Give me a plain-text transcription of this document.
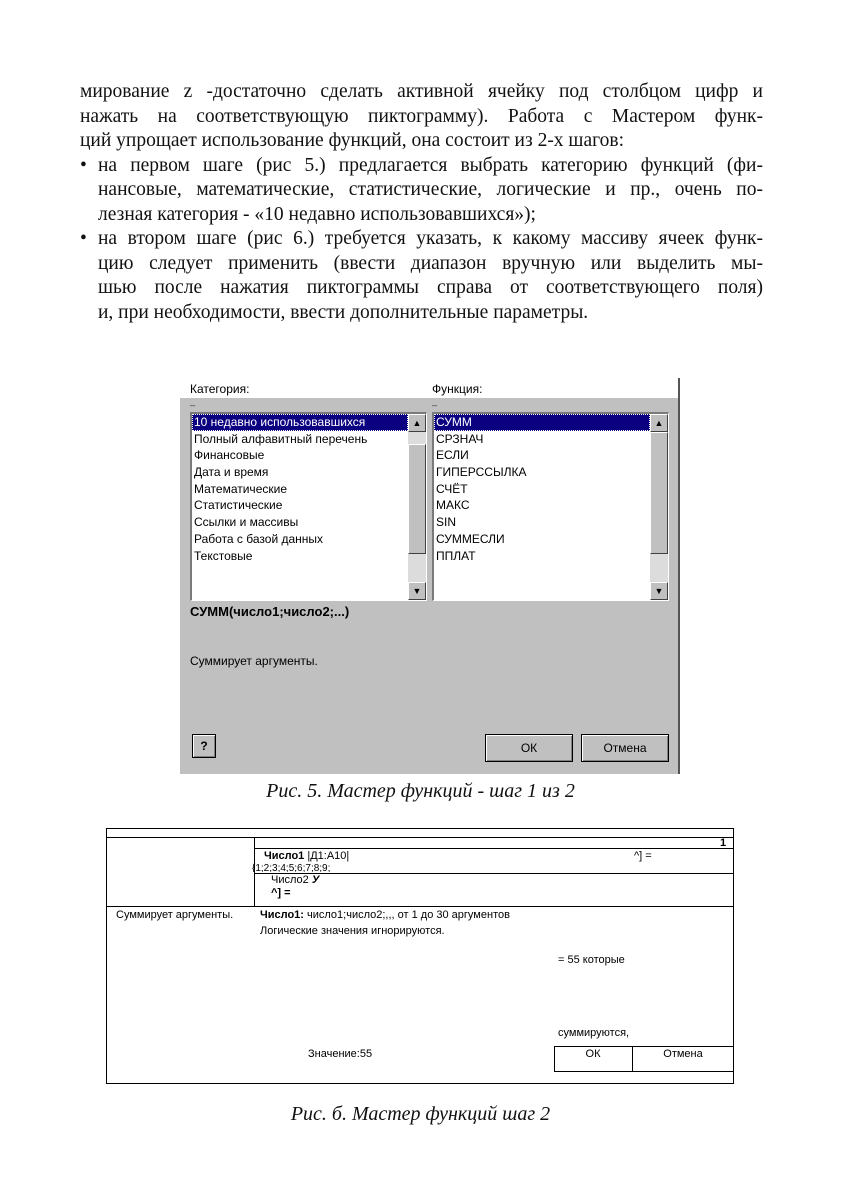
мирование z -достаточно сделать активной ячейку под столбцом цифр и

нажать на соответствующую пиктограмму). Работа с Мастером функ-

ций упрощает использование функций, она состоит из 2-х шагов:

• на первом шаге (рис 5.) предлагается выбрать категорию функций (фи-

нансовые, математические, статистические, логические и пр., очень по-

лезная категория - «10 недавно использовавшихся»);

• на втором шаге (рис 6.) требуется указать, к какому массиву ячеек функ-

цию следует применить (ввести диапазон вручную или выделить мы-

шью после нажатия пиктограммы справа от соответствующего поля)

и, при необходимости, ввести дополнительные параметры.

Категория:	Функция:
_	_
10 недавно использовавшихся
Полный алфавитный перечень
Финансовые
Дата и время
Математические
Статистические
Ссылки и массивы
Работа с базой данных
Текстовые
▲
▼
СУММ
СРЗНАЧ
ЕСЛИ
ГИПЕРССЫЛКА
СЧЁТ
МАКС
SIN
СУММЕСЛИ
ППЛАТ
▲
▼
СУММ(число1;число2;...)
Суммирует аргументы.
?	ОК	Отмена
Рис. 5. Мастер функций - шаг 1 из 2
1
Число1 |Д1:А10|	^] =
{1;2;3;4;5;6;7;8;9;
Число2 У
^] =
Суммирует аргументы. Число1: число1;число2;,,, от 1 до 30 аргументов
Логические значения игнорируются.
= 55 которые
суммируются,
Значение:55	ОК	Отмена
Рис. б. Мастер функций шаг 2
